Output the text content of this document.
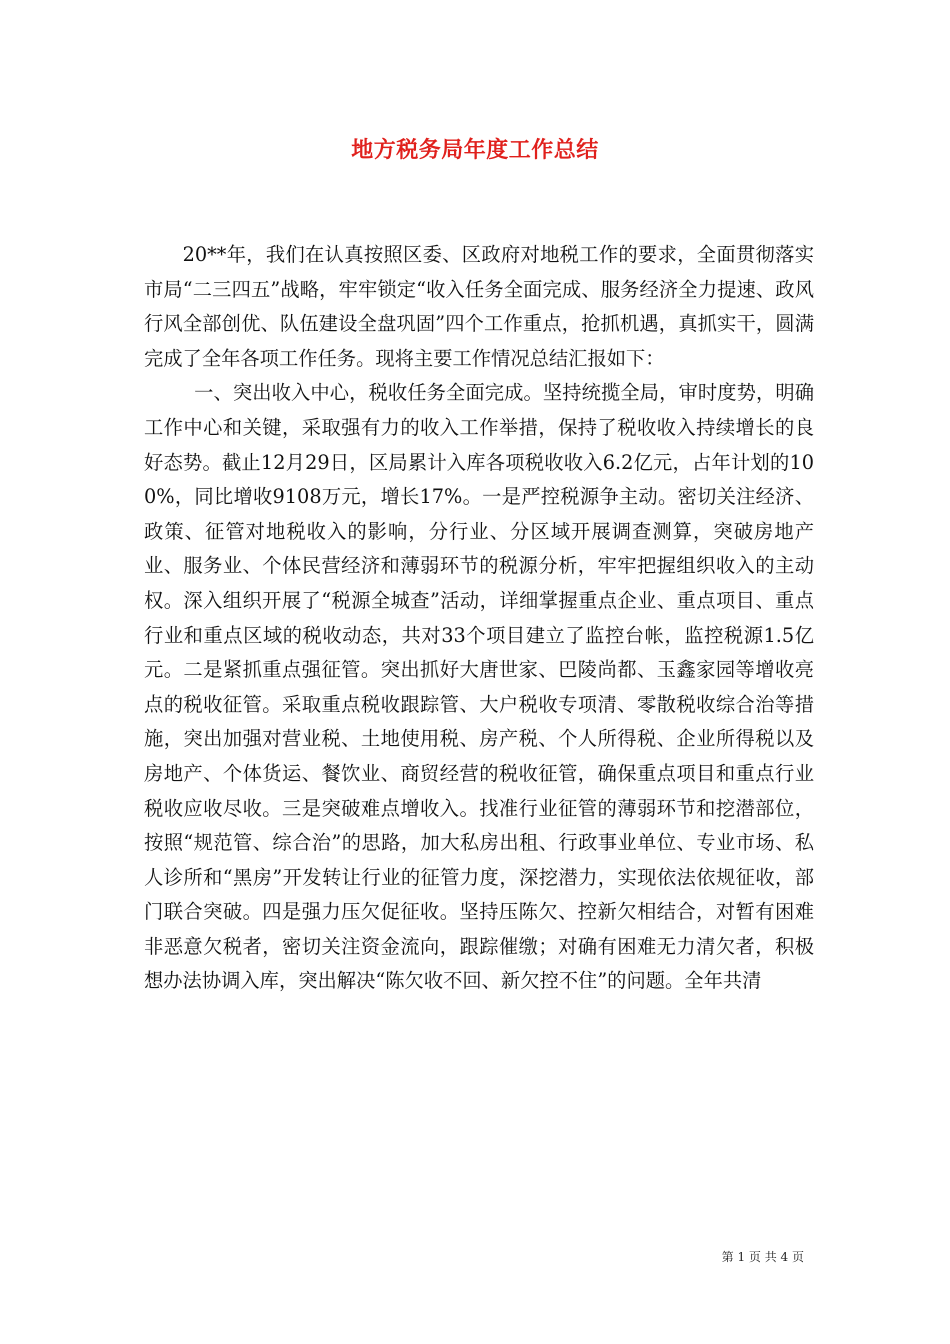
地方税务局年度工作总结

20**年，我们在认真按照区委、区政府对地税工作的要求，全面贯彻落实市局“二三四五”战略，牢牢锁定“收入任务全面完成、服务经济全力提速、政风行风全部创优、队伍建设全盘巩固”四个工作重点，抢抓机遇，真抓实干，圆满完成了全年各项工作任务。现将主要工作情况总结汇报如下：

一、突出收入中心，税收任务全面完成。坚持统揽全局，审时度势，明确工作中心和关键，采取强有力的收入工作举措，保持了税收收入持续增长的良好态势。截止12月29日，区局累计入库各项税收收入6.2亿元，占年计划的100%，同比增收9108万元，增长17%。一是严控税源争主动。密切关注经济、政策、征管对地税收入的影响，分行业、分区域开展调查测算，突破房地产业、服务业、个体民营经济和薄弱环节的税源分析，牢牢把握组织收入的主动权。深入组织开展了“税源全城查”活动，详细掌握重点企业、重点项目、重点行业和重点区域的税收动态，共对33个项目建立了监控台帐，监控税源1.5亿元。二是紧抓重点强征管。突出抓好大唐世家、巴陵尚都、玉鑫家园等增收亮点的税收征管。采取重点税收跟踪管、大户税收专项清、零散税收综合治等措施，突出加强对营业税、土地使用税、房产税、个人所得税、企业所得税以及房地产、个体货运、餐饮业、商贸经营的税收征管，确保重点项目和重点行业税收应收尽收。三是突破难点增收入。找准行业征管的薄弱环节和挖潜部位，按照“规范管、综合治”的思路，加大私房出租、行政事业单位、专业市场、私人诊所和“黑房”开发转让行业的征管力度，深挖潜力，实现依法依规征收，部门联合突破。四是强力压欠促征收。坚持压陈欠、控新欠相结合，对暂有困难非恶意欠税者，密切关注资金流向，跟踪催缴；对确有困难无力清欠者，积极想办法协调入库，突出解决“陈欠收不回、新欠控不住”的问题。全年共清

第 1 页 共 4 页
